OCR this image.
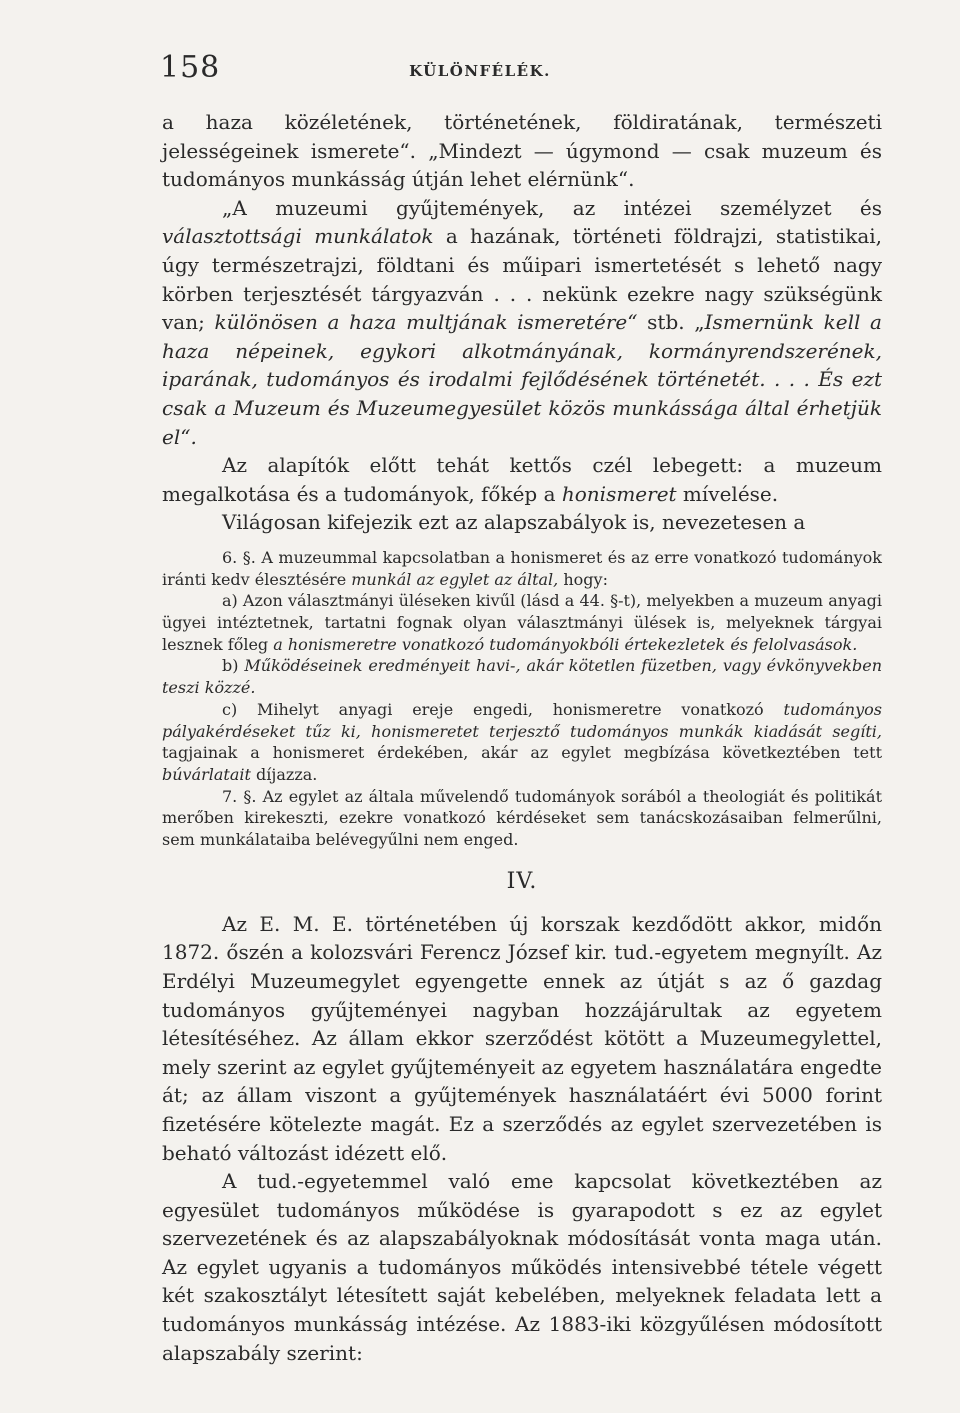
158	KÜLÖNFÉLÉK.

a haza közéletének, történetének, földiratának, természeti jelességeinek ismerete“. „Mindezt — úgymond — csak muzeum és tudományos munkásság útján lehet elérnünk“.

„A muzeumi gyűjtemények, az intézei személyzet és választottsági munkálatok a hazának, történeti földrajzi, statistikai, úgy természetrajzi, földtani és műipari ismertetését s lehető nagy körben terjesztését tárgyazván . . . nekünk ezekre nagy szükségünk van; különösen a haza multjának ismeretére“ stb. „Ismernünk kell a haza népeinek, egykori alkotmányának, kormányrendszerének, iparának, tudományos és irodalmi fejlődésének történetét. . . . És ezt csak a Muzeum és Muzeumegyesület közös munkássága által érhetjük el“.

Az alapítók előtt tehát kettős czél lebegett: a muzeum megalkotása és a tudományok, főkép a honismeret mívelése.

Világosan kifejezik ezt az alapszabályok is, nevezetesen a

6. §. A muzeummal kapcsolatban a honismeret és az erre vonatkozó tudományok iránti kedv élesztésére munkál az egylet az által, hogy:

a) Azon választmányi üléseken kivűl (lásd a 44. §-t), melyekben a muzeum anyagi ügyei intéztetnek, tartatni fognak olyan választmányi ülések is, melyeknek tárgyai lesznek főleg a honismeretre vonatkozó tudományokbóli értekezletek és felolvasások.

b) Működéseinek eredményeit havi-, akár kötetlen füzetben, vagy évkönyvekben teszi közzé.

c) Mihelyt anyagi ereje engedi, honismeretre vonatkozó tudományos pályakérdéseket tűz ki, honismeretet terjesztő tudományos munkák kiadását segíti, tagjainak a honismeret érdekében, akár az egylet megbízása következtében tett búvárlatait díjazza.

7. §. Az egylet az általa művelendő tudományok sorából a theologiát és politikát merőben kirekeszti, ezekre vonatkozó kérdéseket sem tanácskozásaiban felmerűlni, sem munkálataiba belévegyűlni nem enged.

IV.

Az E. M. E. történetében új korszak kezdődött akkor, midőn 1872. őszén a kolozsvári Ferencz József kir. tud.-egyetem megnyílt. Az Erdélyi Muzeumegylet egyengette ennek az útját s az ő gazdag tudományos gyűjteményei nagyban hozzájárultak az egyetem létesítéséhez. Az állam ekkor szerződést kötött a Muzeumegylettel, mely szerint az egylet gyűjteményeit az egyetem használatára engedte át; az állam viszont a gyűjtemények használatáért évi 5000 forint fizetésére kötelezte magát. Ez a szerződés az egylet szervezetében is beható változást idézett elő.

A tud.-egyetemmel való eme kapcsolat következtében az egyesület tudományos működése is gyarapodott s ez az egylet szervezetének és az alapszabályoknak módosítását vonta maga után. Az egylet ugyanis a tudományos működés intensivebbé tétele végett két szakosztályt létesített saját kebelében, melyeknek feladata lett a tudományos munkásság intézése. Az 1883-iki közgyűlésen módosított alapszabály szerint:
